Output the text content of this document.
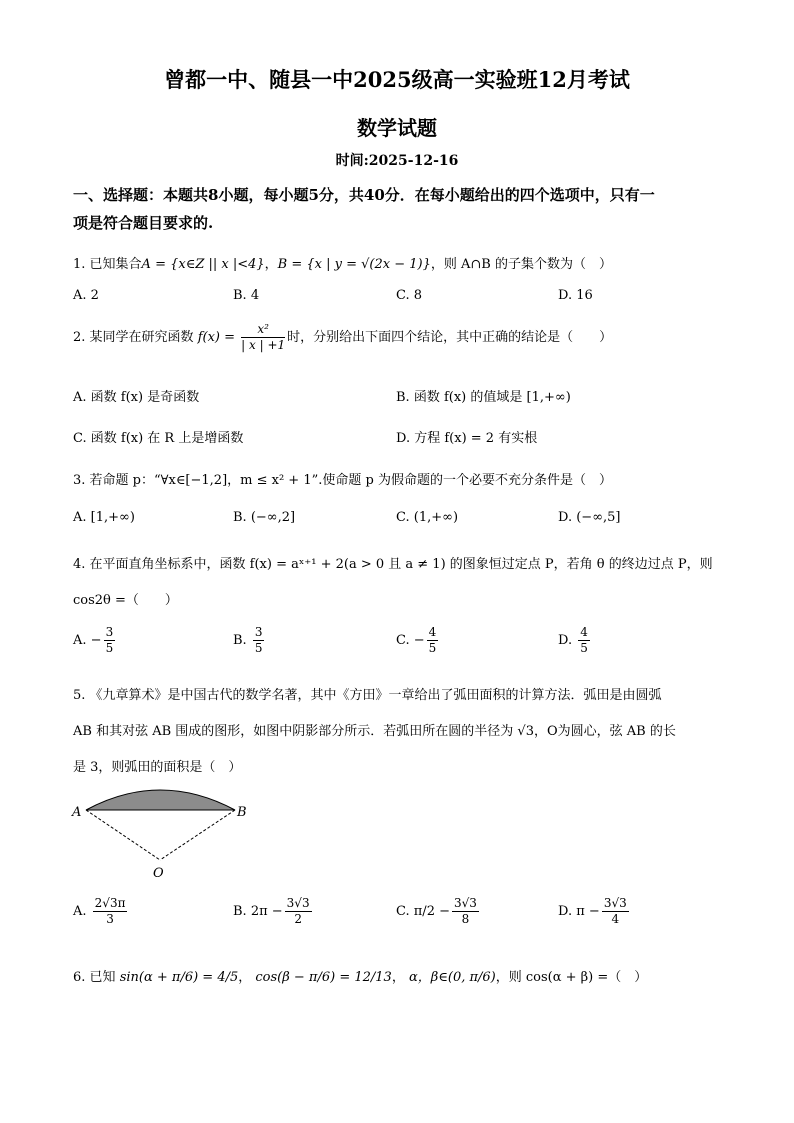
曾都一中、随县一中2025级高一实验班12月考试
数学试题
时间:2025-12-16
一、选择题：本题共8小题，每小题5分，共40分．在每小题给出的四个选项中，只有一
项是符合题目要求的.
1. 已知集合A = {x∈Z || x |<4}，B = {x | y = √(2x − 1)}，则 A∩B 的子集个数为（　）
A. 2	B. 4	C. 8	D. 16
2. 某同学在研究函数 $f(x) = \frac{\text{x²}}{| x | +1}$ 时，分别给出下面四个结论，其中正确的结论是（　　）
A. 函数 f(x) 是奇函数	B. 函数 f(x) 的值域是 [1,+∞)
C. 函数 f(x) 在 R 上是增函数	D. 方程 f(x) = 2 有实根
3. 若命题 p：“∀x∈[−1,2]，m ≤ x² + 1”.使命题 p 为假命题的一个必要不充分条件是（　）
A. [1,+∞)	B. (−∞,2]	C. (1,+∞)	D. (−∞,5]
4. 在平面直角坐标系中，函数 f(x) = aˣ⁺¹ + 2(a > 0 且 a ≠ 1) 的图象恒过定点 P，若角 θ 的终边过点 P，则
cos2θ =（　　）
A. − $\frac{3}{5}$	B. $\frac{3}{5}$	C. − $\frac{4}{5}$	D. $\frac{4}{5}$
5. 《九章算术》是中国古代的数学名著，其中《方田》一章给出了弧田面积的计算方法．弧田是由圆弧
AB 和其对弦 AB 围成的图形，如图中阴影部分所示．若弧田所在圆的半径为 √3，O为圆心，弦 AB 的长
是 3，则弧田的面积是（　）
A	B
O
A. $\frac{2√3\pi}{3}$	B. $2\pi - \frac{3√3}{2}$	C. $\pi/2 - \frac{3√3}{8}$	D. $\pi - \frac{3√3}{4}$
6. 已知 sin(α + π/6) = 4/5， cos(β − π/6) = 12/13， α，β∈(0, π/6)，则 cos(α + β) =（　）
